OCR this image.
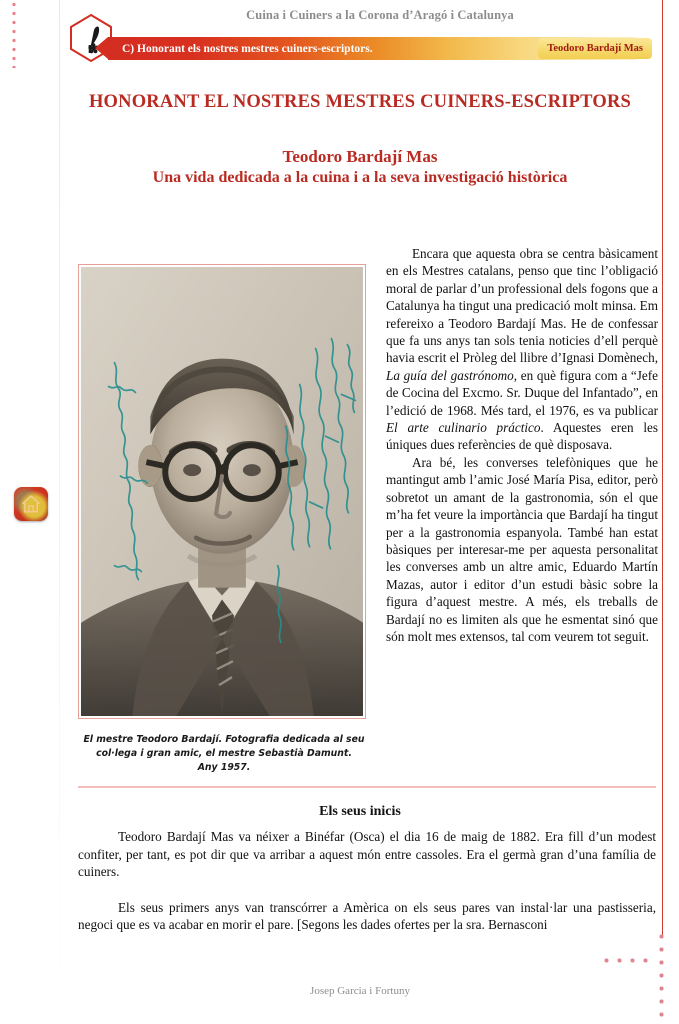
Cuina i Cuiners a la Corona d’Aragó i Catalunya
C) Honorant els nostres mestres cuiners-escriptors.	Teodoro Bardají Mas
HONORANT EL NOSTRES MESTRES CUINERS-ESCRIPTORS
Teodoro Bardají Mas
Una vida dedicada a la cuina i a la seva investigació històrica
El mestre Teodoro Bardají. Fotografia dedicada al seu
col·lega i gran amic, el mestre Sebastià Damunt.
Any 1957.

Encara que aquesta obra se centra bàsicament en els Mestres catalans, penso que tinc l’obligació moral de parlar d’un professional dels fogons que a Catalunya ha tingut una predicació molt minsa. Em refereixo a Teodoro Bardají Mas. He de confessar que fa uns anys tan sols tenia noticies d’ell perquè havia escrit el Pròleg del llibre d’Ignasi Domènech, La guía del gastrónomo, en què figura com a “Jefe de Cocina del Excmo. Sr. Duque del Infantado”, en l’edició de 1968. Més tard, el 1976, es va publicar El arte culinario práctico. Aquestes eren les úniques dues referències de què disposava.

Ara bé, les converses telefòniques que he mantingut amb l’amic José María Pisa, editor, però sobretot un amant de la gastronomia, són el que m’ha fet veure la importància que Bardají ha tingut per a la gastronomia espanyola. També han estat bàsiques per interesar-me per aquesta personalitat les converses amb un altre amic, Eduardo Martín Mazas, autor i editor d’un estudi bàsic sobre la figura d’aquest mestre. A més, els treballs de Bardají no es limiten als que he esmentat sinó que són molt mes extensos, tal com veurem tot seguit.

Els seus inicis

Teodoro Bardají Mas va néixer a Binéfar (Osca) el dia 16 de maig de 1882. Era fill d’un modest confiter, per tant, es pot dir que va arribar a aquest món entre cassoles. Era el germà gran d’una família de cuiners.

Els seus primers anys van transcórrer a Amèrica on els seus pares van instal·lar una pastisseria, negoci que es va acabar en morir el pare. [Segons les dades ofertes per la sra. Bernasconi

Josep Garcia i Fortuny
